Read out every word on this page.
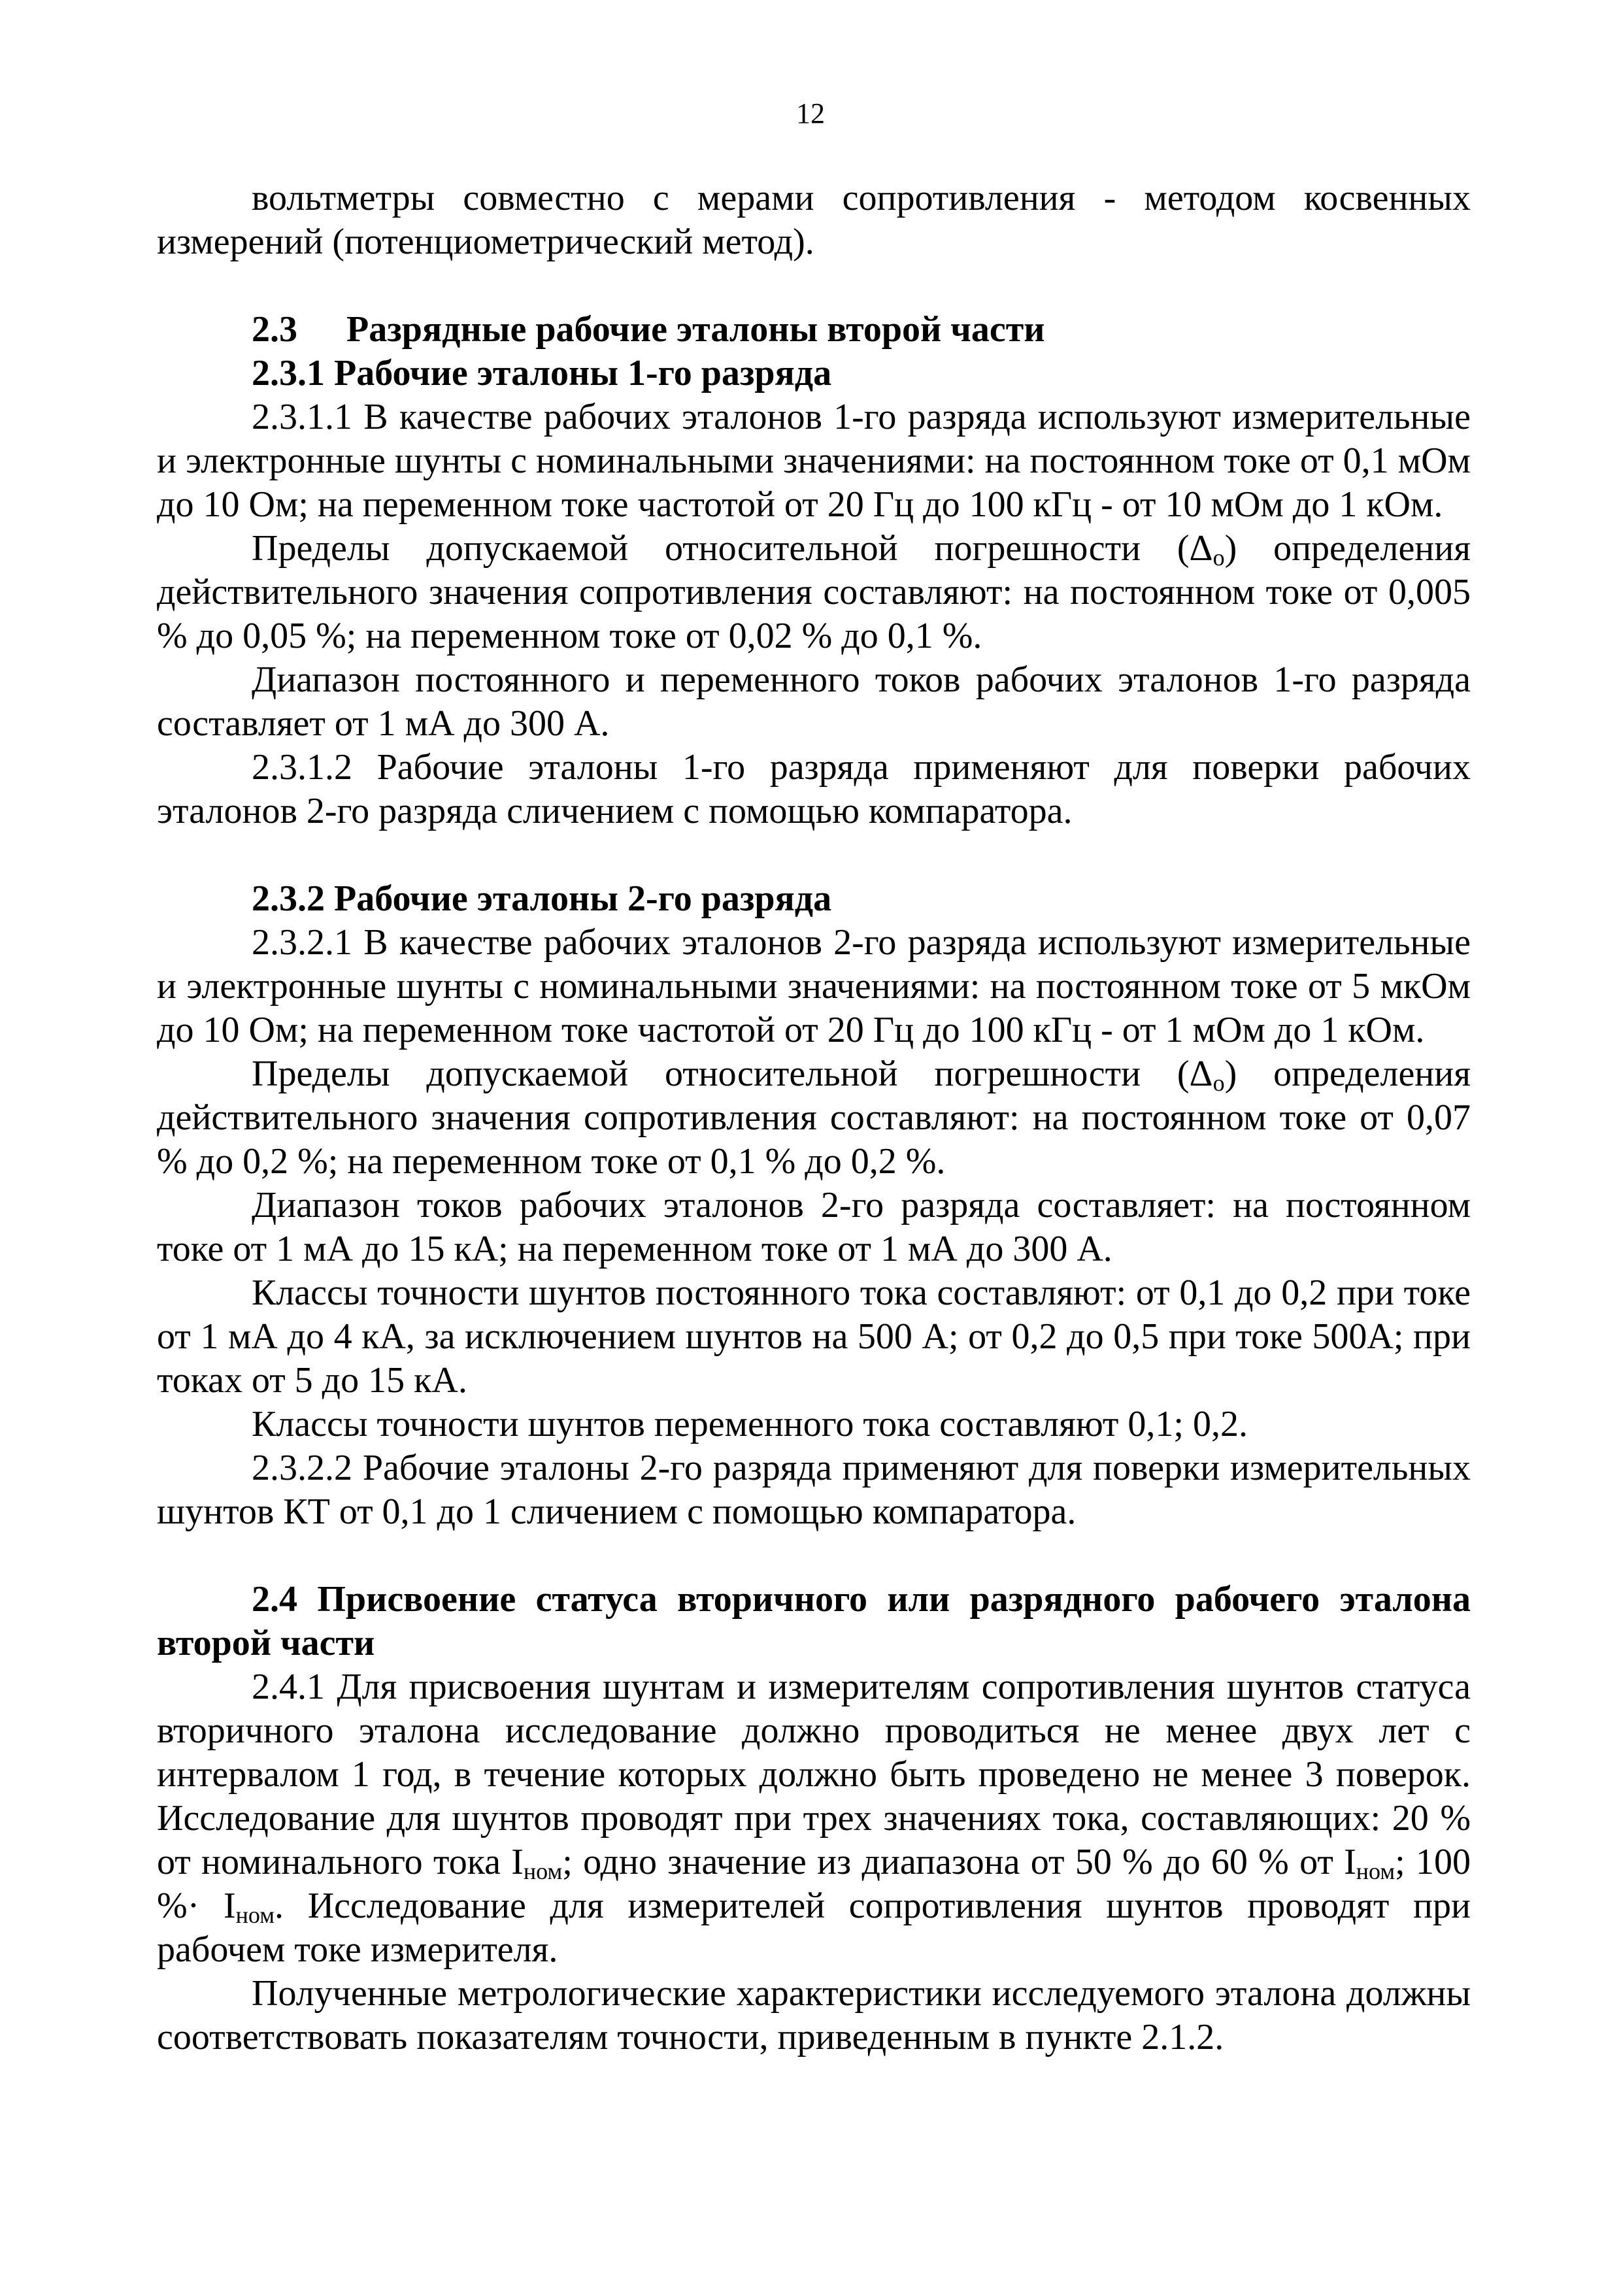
12

вольтметры совместно с мерами сопротивления - методом косвенных измерений (потенциометрический метод).

2.3 Разрядные рабочие эталоны второй части
2.3.1 Рабочие эталоны 1-го разряда

2.3.1.1 В качестве рабочих эталонов 1-го разряда используют измерительные и электронные шунты с номинальными значениями: на постоянном токе от 0,1 мОм до 10 Ом; на переменном токе частотой от 20 Гц до 100 кГц - от 10 мОм до 1 кОм.

Пределы допускаемой относительной погрешности $(\Delta_о)$ определения действительного значения сопротивления составляют: на постоянном токе от 0,005 % до 0,05 %; на переменном токе от 0,02 % до 0,1 %.

Диапазон постоянного и переменного токов рабочих эталонов 1-го разряда составляет от 1 мА до 300 А.

2.3.1.2 Рабочие эталоны 1-го разряда применяют для поверки рабочих эталонов 2-го разряда сличением с помощью компаратора.

2.3.2 Рабочие эталоны 2-го разряда

2.3.2.1 В качестве рабочих эталонов 2-го разряда используют измерительные и электронные шунты с номинальными значениями: на постоянном токе от 5 мкОм до 10 Ом; на переменном токе частотой от 20 Гц до 100 кГц - от 1 мОм до 1 кОм.

Пределы допускаемой относительной погрешности $(\Delta_о)$ определения действительного значения сопротивления составляют: на постоянном токе от 0,07 % до 0,2 %; на переменном токе от 0,1 % до 0,2 %.

Диапазон токов рабочих эталонов 2-го разряда составляет: на постоянном токе от 1 мА до 15 кА; на переменном токе от 1 мА до 300 А.

Классы точности шунтов постоянного тока составляют: от 0,1 до 0,2 при токе от 1 мА до 4 кА, за исключением шунтов на 500 А; от 0,2 до 0,5 при токе 500А; при токах от 5 до 15 кА.

Классы точности шунтов переменного тока составляют 0,1; 0,2.

2.3.2.2 Рабочие эталоны 2-го разряда применяют для поверки измерительных шунтов КТ от 0,1 до 1 сличением с помощью компаратора.

2.4 Присвоение статуса вторичного или разрядного рабочего эталона второй части

2.4.1 Для присвоения шунтам и измерителям сопротивления шунтов статуса вторичного эталона исследование должно проводиться не менее двух лет с интервалом 1 год, в течение которых должно быть проведено не менее 3 поверок. Исследование для шунтов проводят при трех значениях тока, составляющих: 20 % от номинального тока $I_{ном}$; одно значение из диапазона от 50 % до 60 % от $I_{ном}$; 100 %· $I_{ном}$. Исследование для измерителей сопротивления шунтов проводят при рабочем токе измерителя.

Полученные метрологические характеристики исследуемого эталона должны соответствовать показателям точности, приведенным в пункте 2.1.2.
